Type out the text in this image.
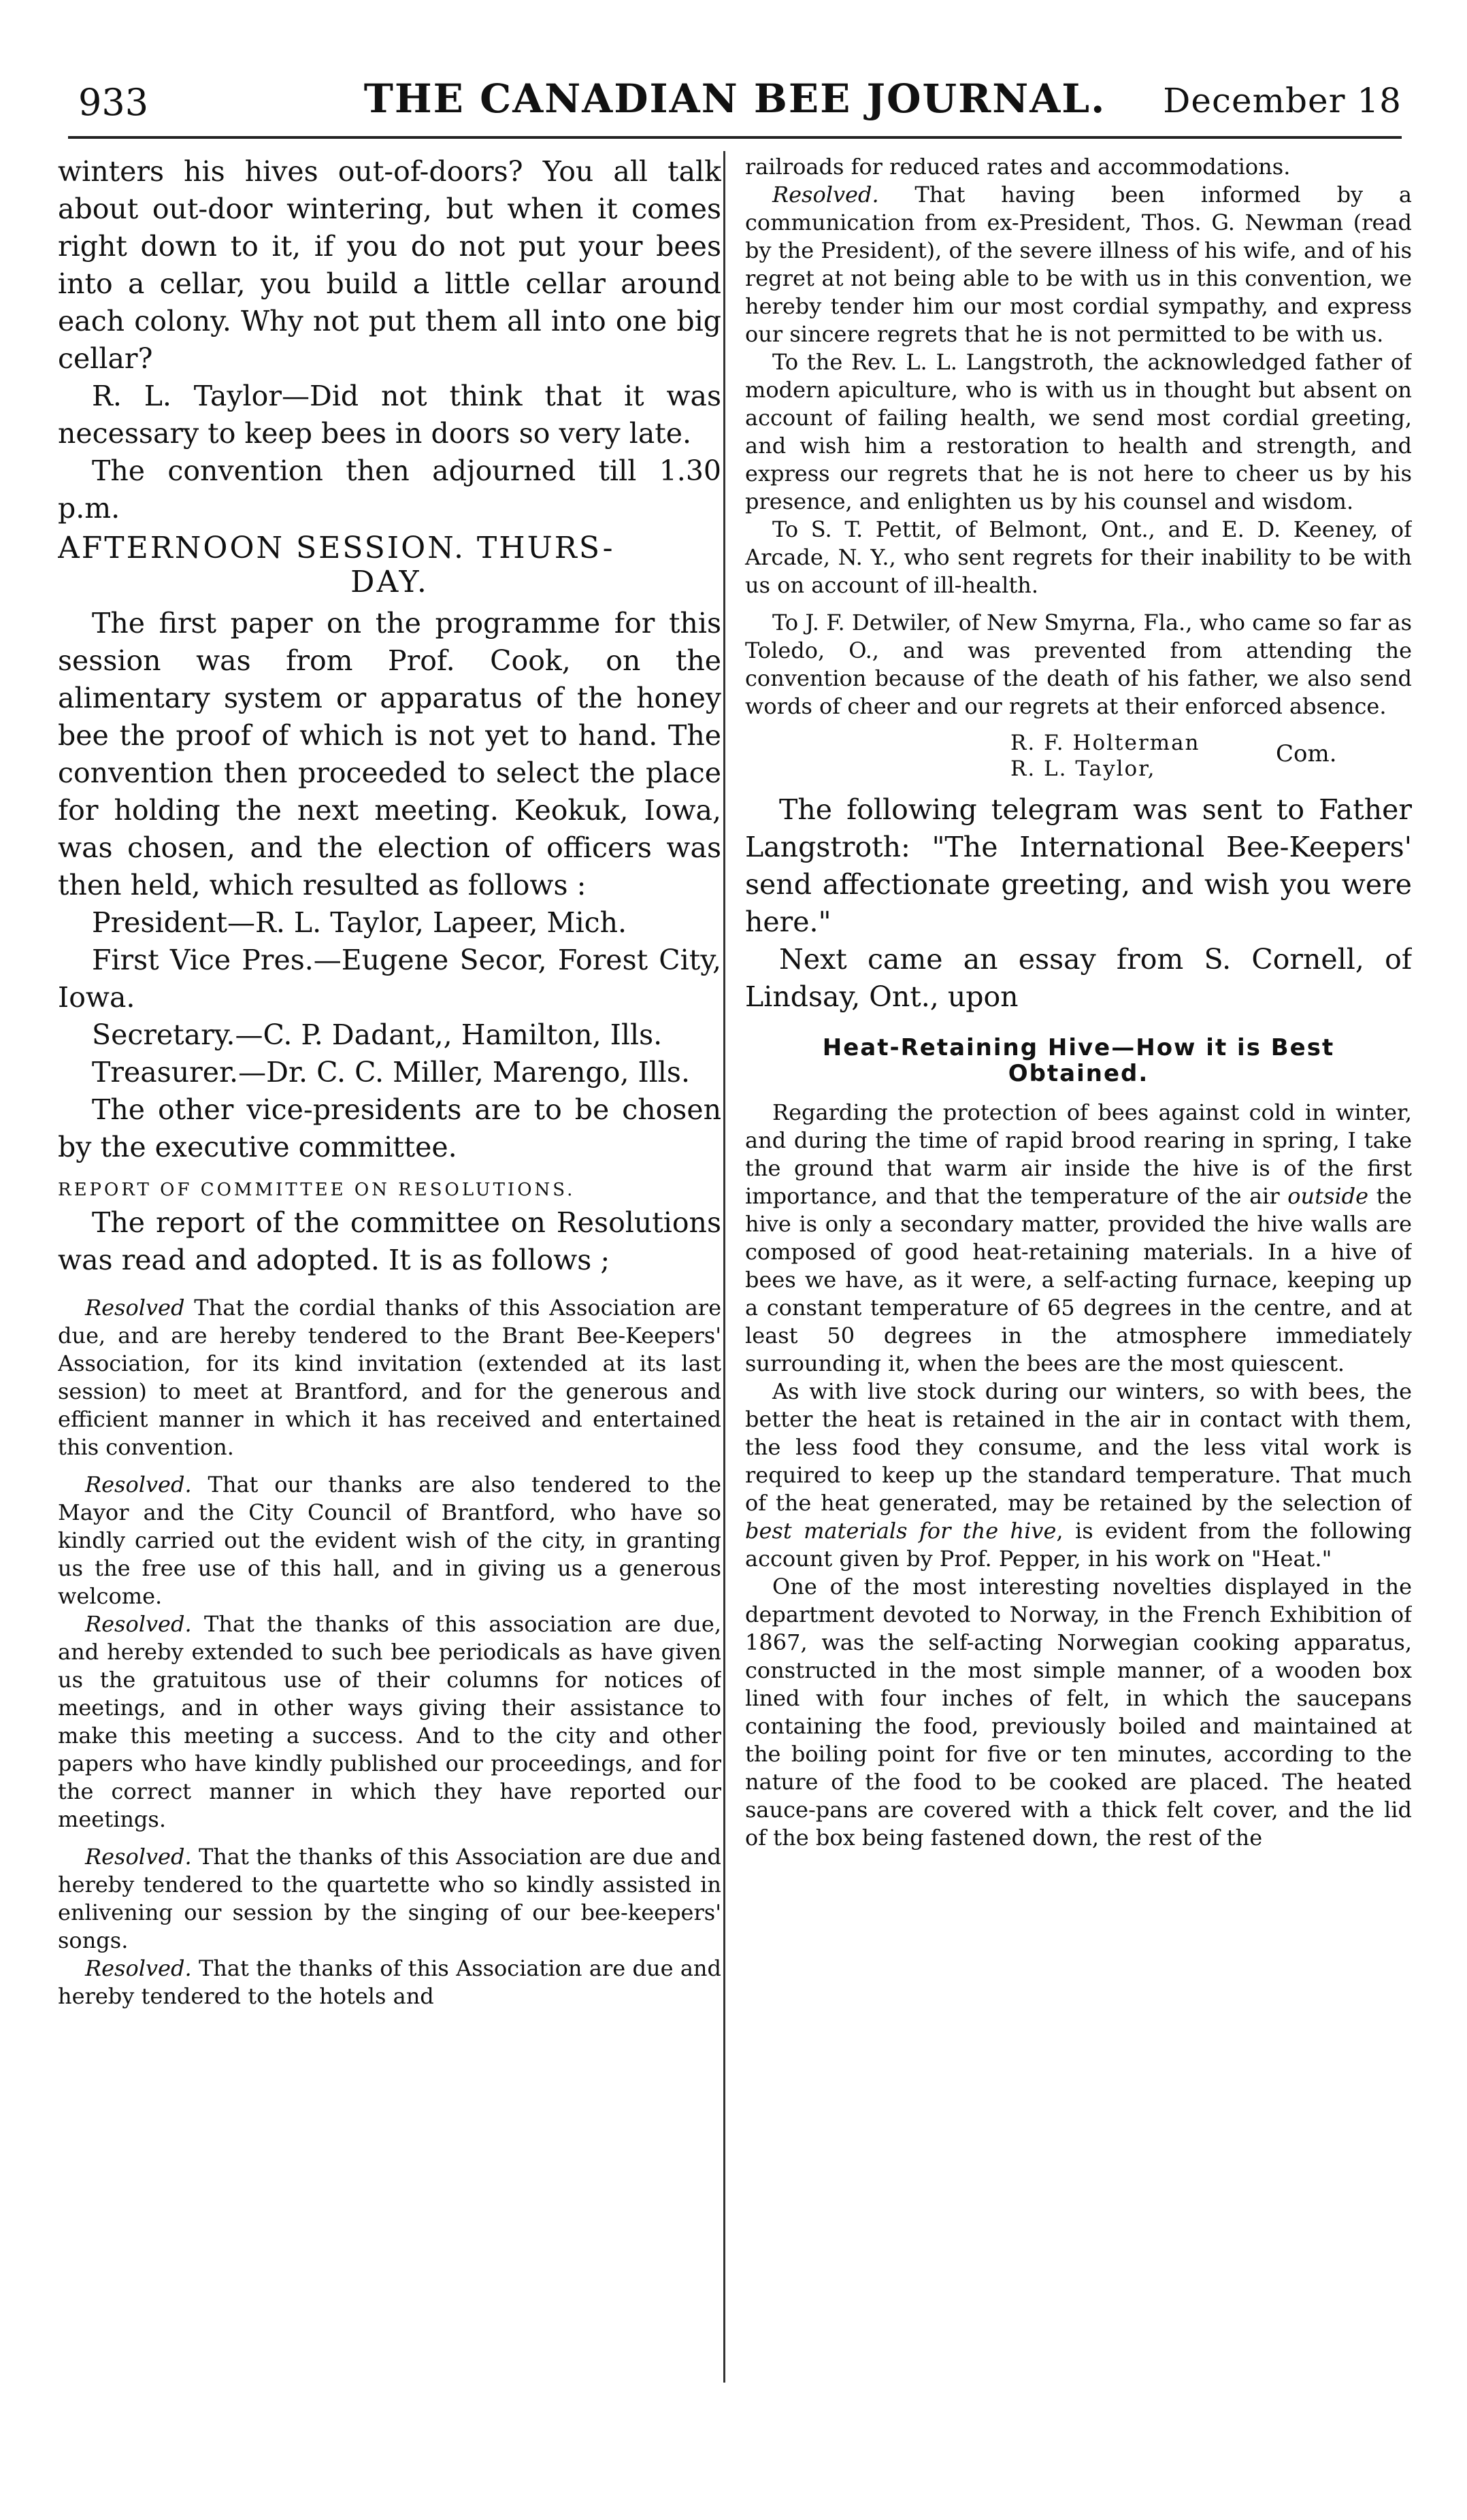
933	THE CANADIAN BEE JOURNAL.	December 18

winters his hives out-of-doors? You all talk about out-door wintering, but when it comes right down to it, if you do not put your bees into a cellar, you build a little cellar around each colony. Why not put them all into one big cellar?

R. L. Taylor—Did not think that it was necessary to keep bees in doors so very late.

The convention then adjourned till 1.30 p.m.

AFTERNOON SESSION. THURS-
DAY.

The first paper on the programme for this session was from Prof. Cook, on the alimentary system or apparatus of the honey bee the proof of which is not yet to hand. The convention then proceeded to select the place for holding the next meeting. Keokuk, Iowa, was chosen, and the election of officers was then held, which resulted as follows :

President—R. L. Taylor, Lapeer, Mich.

First Vice Pres.—Eugene Secor, Forest City, Iowa.

Secretary.—C. P. Dadant,, Hamilton, Ills.

Treasurer.—Dr. C. C. Miller, Marengo, Ills.

The other vice-presidents are to be chosen by the executive committee.

REPORT OF COMMITTEE ON RESOLUTIONS.

The report of the committee on Resolutions was read and adopted. It is as follows ;

Resolved That the cordial thanks of this Association are due, and are hereby tendered to the Brant Bee-Keepers' Association, for its kind invitation (extended at its last session) to meet at Brantford, and for the generous and efficient manner in which it has received and entertained this convention.

Resolved. That our thanks are also tendered to the Mayor and the City Council of Brantford, who have so kindly carried out the evident wish of the city, in granting us the free use of this hall, and in giving us a generous welcome.

Resolved. That the thanks of this association are due, and hereby extended to such bee periodicals as have given us the gratuitous use of their columns for notices of meetings, and in other ways giving their assistance to make this meeting a success. And to the city and other papers who have kindly published our proceedings, and for the correct manner in which they have reported our meetings.

Resolved. That the thanks of this Association are due and hereby tendered to the quartette who so kindly assisted in enlivening our session by the singing of our bee-keepers' songs.

Resolved. That the thanks of this Association are due and hereby tendered to the hotels and

railroads for reduced rates and accommodations.

Resolved. That having been informed by a communication from ex-President, Thos. G. Newman (read by the President), of the severe illness of his wife, and of his regret at not being able to be with us in this convention, we hereby tender him our most cordial sympathy, and express our sincere regrets that he is not permitted to be with us.

To the Rev. L. L. Langstroth, the acknowledged father of modern apiculture, who is with us in thought but absent on account of failing health, we send most cordial greeting, and wish him a restoration to health and strength, and express our regrets that he is not here to cheer us by his presence, and enlighten us by his counsel and wisdom.

To S. T. Pettit, of Belmont, Ont., and E. D. Keeney, of Arcade, N. Y., who sent regrets for their inability to be with us on account of ill-health.

To J. F. Detwiler, of New Smyrna, Fla., who came so far as Toledo, O., and was prevented from attending the convention because of the death of his father, we also send words of cheer and our regrets at their enforced absence.

R. F. Holterman
R. L. Taylor,
Com.

The following telegram was sent to Father Langstroth: "The International Bee-Keepers' send affectionate greeting, and wish you were here."

Next came an essay from S. Cornell, of Lindsay, Ont., upon

Heat-Retaining Hive—How it is Best
Obtained.

Regarding the protection of bees against cold in winter, and during the time of rapid brood rearing in spring, I take the ground that warm air inside the hive is of the first importance, and that the temperature of the air outside the hive is only a secondary matter, provided the hive walls are composed of good heat-retaining materials. In a hive of bees we have, as it were, a self-acting furnace, keeping up a constant temperature of 65 degrees in the centre, and at least 50 degrees in the atmosphere immediately surrounding it, when the bees are the most quiescent.

As with live stock during our winters, so with bees, the better the heat is retained in the air in contact with them, the less food they consume, and the less vital work is required to keep up the standard temperature. That much of the heat generated, may be retained by the selection of best materials for the hive, is evident from the following account given by Prof. Pepper, in his work on "Heat."

One of the most interesting novelties displayed in the department devoted to Norway, in the French Exhibition of 1867, was the self-acting Norwegian cooking apparatus, constructed in the most simple manner, of a wooden box lined with four inches of felt, in which the saucepans containing the food, previously boiled and maintained at the boiling point for five or ten minutes, according to the nature of the food to be cooked are placed. The heated sauce-pans are covered with a thick felt cover, and the lid of the box being fastened down, the rest of the
